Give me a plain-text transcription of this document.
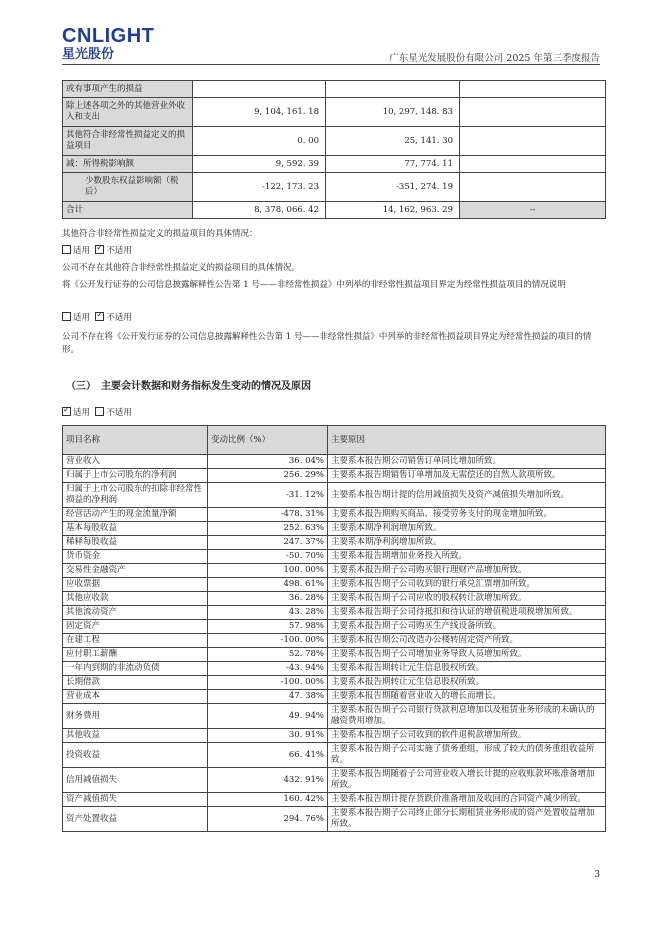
CNLIGHT
星光股份	广东星光发展股份有限公司 2025 年第三季度报告
或有事项产生的损益			
除上述各项之外的其他营业外收入和支出	9, 104, 161. 18	10, 297, 148. 83	
其他符合非经常性损益定义的损益项目	0. 00	25, 141. 30	
减：所得税影响额	9, 592. 39	77, 774. 11	
少数股东权益影响额（税后）	-122, 173. 23	-351, 274. 19	
合计	8, 378, 066. 42	14, 162, 963. 29	--
其他符合非经常性损益定义的损益项目的具体情况：
适用 ✓ 不适用
公司不存在其他符合非经常性损益定义的损益项目的具体情况。
将《公开发行证券的公司信息披露解释性公告第 1 号——非经常性损益》中列举的非经常性损益项目界定为经常性损益项目的情况说明
适用 ✓ 不适用
公司不存在将《公开发行证券的公司信息披露解释性公告第 1 号——非经常性损益》中列举的非经常性损益项目界定为经常性损益的项目的情形。
（三）　主要会计数据和财务指标发生变动的情况及原因
✓适用 不适用
项目名称	变动比例（%）	主要原因
营业收入	36. 04%	主要系本报告期公司销售订单同比增加所致。
归属于上市公司股东的净利润	256. 29%	主要系本报告期销售订单增加及无需偿还的自然人款项所致。
归属于上市公司股东的扣除非经常性损益的净利润	-31. 12%	主要系本报告期计提的信用减值损失及资产减值损失增加所致。
经营活动产生的现金流量净额	-478. 31%	主要系本报告期购买商品、接受劳务支付的现金增加所致。
基本每股收益	252. 63%	主要系本期净利润增加所致。
稀释每股收益	247. 37%	主要系本期净利润增加所致。
货币资金	-50. 70%	主要系本报告期增加业务投入所致。
交易性金融资产	100. 00%	主要系本报告期子公司购买银行理财产品增加所致。
应收票据	498. 61%	主要系本报告期子公司收到的银行承兑汇票增加所致。
其他应收款	36. 28%	主要系本报告期子公司应收的股权转让款增加所致。
其他流动资产	43. 28%	主要系本报告期子公司待抵扣和待认证的增值税进项税增加所致。
固定资产	57. 98%	主要系本报告期子公司购买生产线设备所致。
在建工程	-100. 00%	主要系本报告期公司改造办公楼转固定资产所致。
应付职工薪酬	52. 78%	主要系本报告期子公司增加业务导致人员增加所致。
一年内到期的非流动负债	-43. 94%	主要系本报告期转让元生信息股权所致。
长期借款	-100. 00%	主要系本报告期转让元生信息股权所致。
营业成本	47. 38%	主要系本报告期随着营业收入的增长而增长。
财务费用	49. 94%	主要系本报告期子公司银行贷款利息增加以及租赁业务形成的未确认的融资费用增加。
其他收益	30. 91%	主要系本报告期子公司收到的软件退税款增加所致。
投资收益	66. 41%	主要系本报告期子公司实施了债务重组，形成了较大的债务重组收益所致。
信用减值损失	432. 91%	主要系本报告期随着子公司营业收入增长计提的应收账款坏账准备增加所致。
资产减值损失	160. 42%	主要系本报告期计提存货跌价准备增加及收回的合同资产减少所致。
资产处置收益	294. 76%	主要系本报告期子公司终止部分长期租赁业务形成的资产处置收益增加所致。
3
